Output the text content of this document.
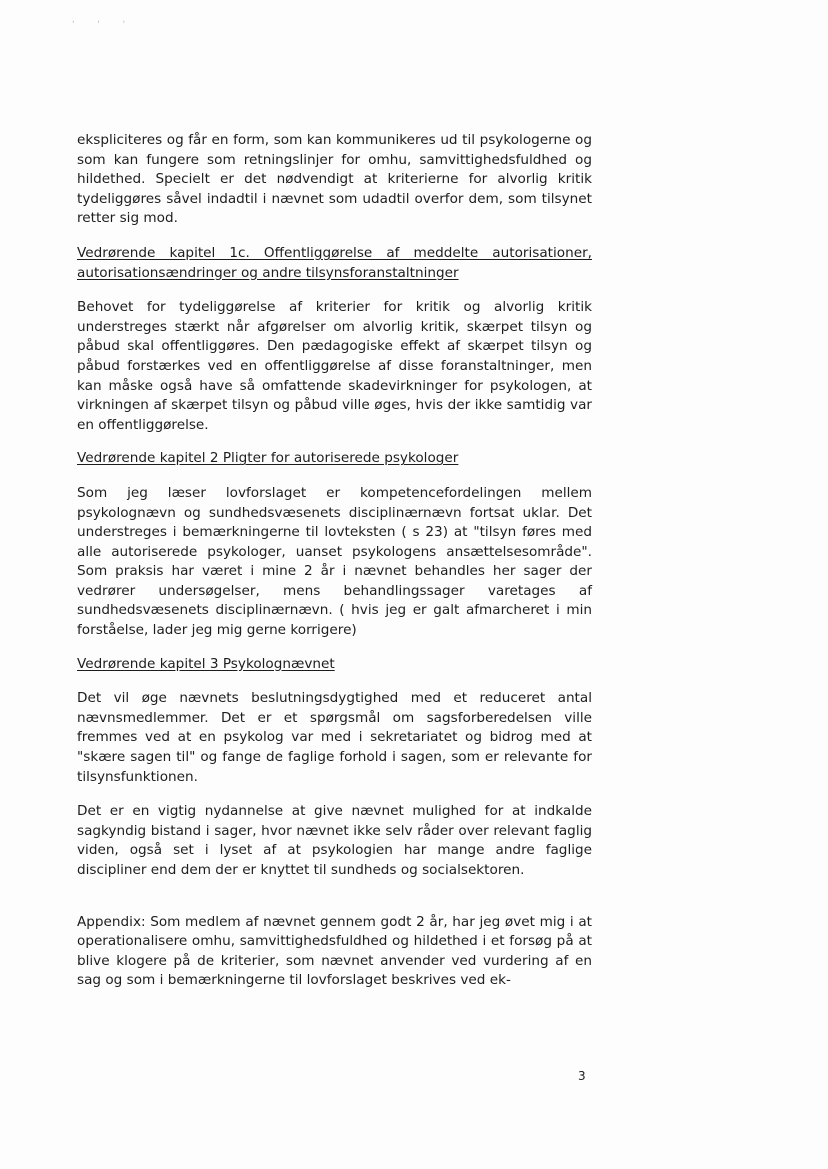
' ' '

ekspliciteres og får en form, som kan kommunikeres ud til psykologerne og som kan fungere som retningslinjer for omhu, samvittighedsfuldhed og hildethed. Specielt er det nødvendigt at kriterierne for alvorlig kritik tydeliggøres såvel indadtil i nævnet som udadtil overfor dem, som tilsynet retter sig mod.

Vedrørende kapitel 1c. Offentliggørelse af meddelte autorisationer, autorisationsændringer og andre tilsynsforanstaltninger

Behovet for tydeliggørelse af kriterier for kritik og alvorlig kritik understreges stærkt når afgørelser om alvorlig kritik, skærpet tilsyn og påbud skal offentliggøres. Den pædagogiske effekt af skærpet tilsyn og påbud forstærkes ved en offentliggørelse af disse foranstaltninger, men kan måske også have så omfattende skadevirkninger for psykologen, at virkningen af skærpet tilsyn og påbud ville øges, hvis der ikke samtidig var en offentliggørelse.

Vedrørende kapitel 2 Pligter for autoriserede psykologer

Som jeg læser lovforslaget er kompetencefordelingen mellem psykolognævn og sundhedsvæsenets disciplinærnævn fortsat uklar. Det understreges i bemærkningerne til lovteksten ( s 23) at "tilsyn føres med alle autoriserede psykologer, uanset psykologens ansættelsesområde". Som praksis har været i mine 2 år i nævnet behandles her sager der vedrører undersøgelser, mens behandlingssager varetages af sundhedsvæsenets disciplinærnævn. ( hvis jeg er galt afmarcheret i min forståelse, lader jeg mig gerne korrigere)

Vedrørende kapitel 3 Psykolognævnet

Det vil øge nævnets beslutningsdygtighed med et reduceret antal nævnsmedlemmer. Det er et spørgsmål om sagsforberedelsen ville fremmes ved at en psykolog var med i sekretariatet og bidrog med at "skære sagen til" og fange de faglige forhold i sagen, som er relevante for tilsynsfunktionen.

Det er en vigtig nydannelse at give nævnet mulighed for at indkalde sagkyndig bistand i sager, hvor nævnet ikke selv råder over relevant faglig viden, også set i lyset af at psykologien har mange andre faglige discipliner end dem der er knyttet til sundheds og socialsektoren.

Appendix: Som medlem af nævnet gennem godt 2 år, har jeg øvet mig i at operationalisere omhu, samvittighedsfuldhed og hildethed i et forsøg på at blive klogere på de kriterier, som nævnet anvender ved vurdering af en sag og som i bemærkningerne til lovforslaget beskrives ved ek-

3
